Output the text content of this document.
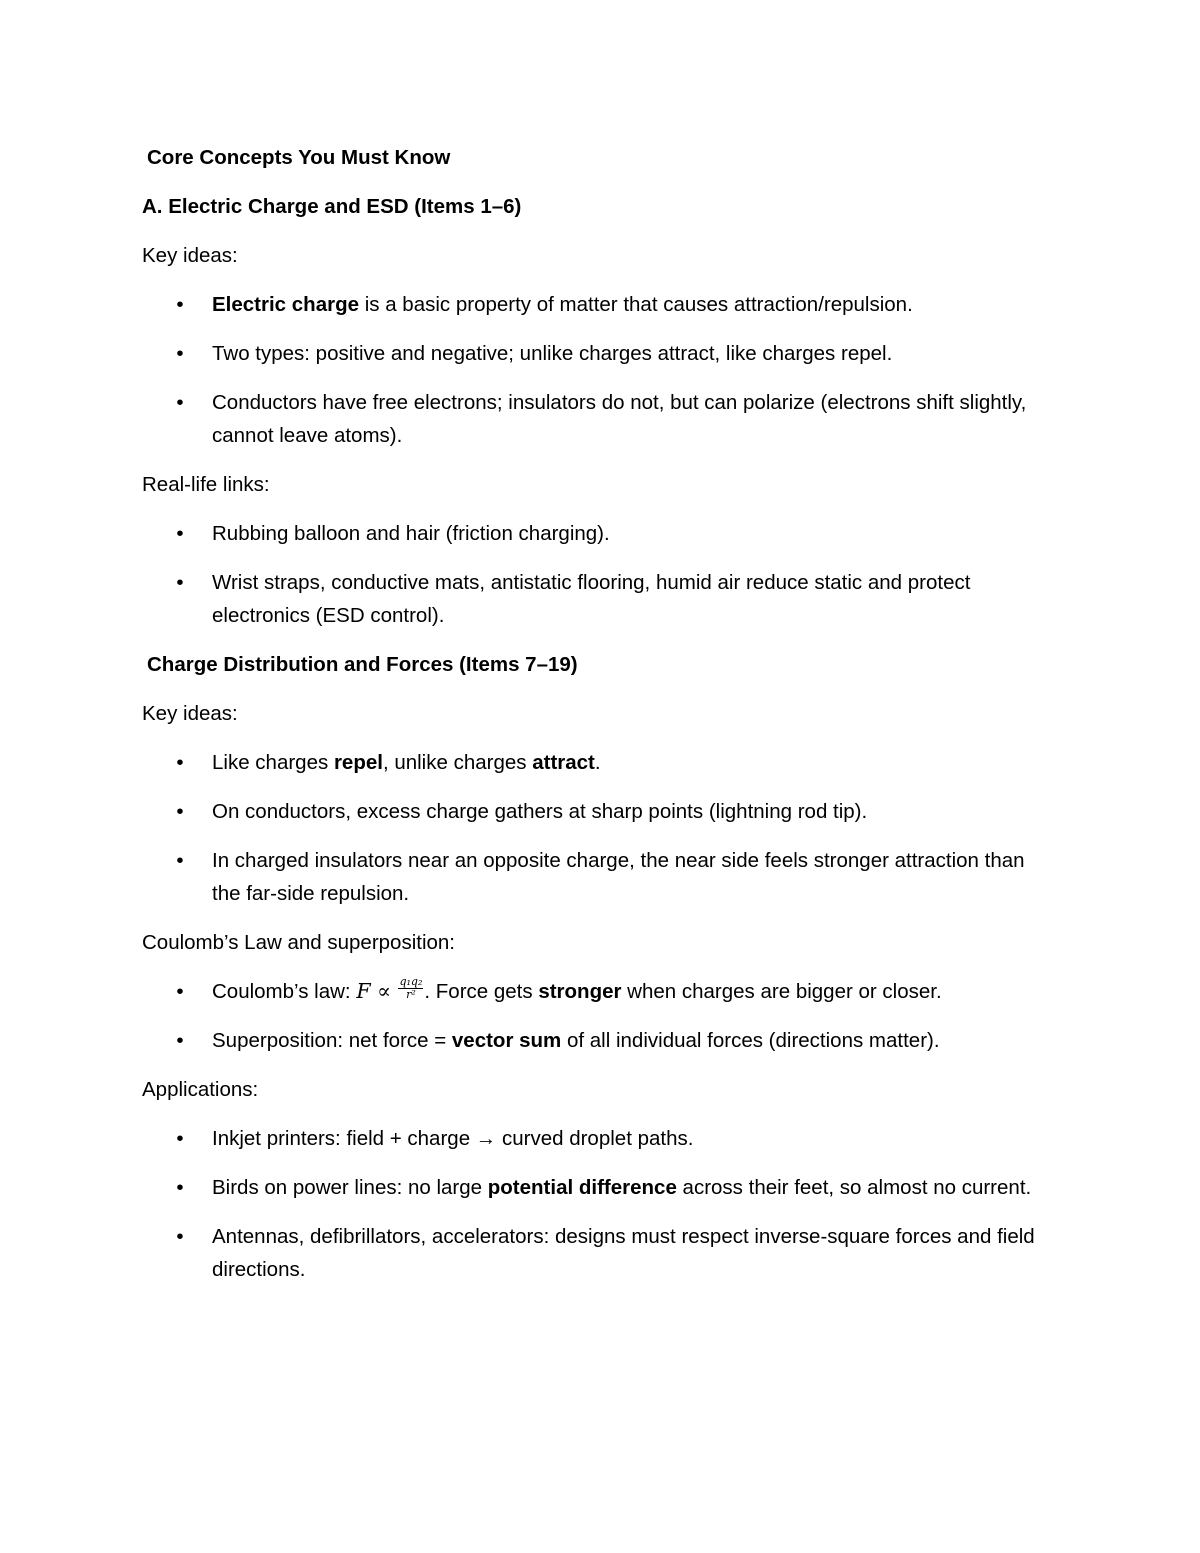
Core Concepts You Must Know
A. Electric Charge and ESD (Items 1–6)
Key ideas:
• Electric charge is a basic property of matter that causes attraction/repulsion.
• Two types: positive and negative; unlike charges attract, like charges repel.
• Conductors have free electrons; insulators do not, but can polarize (electrons shift slightly, cannot leave atoms).
Real-life links:
• Rubbing balloon and hair (friction charging).
• Wrist straps, conductive mats, antistatic flooring, humid air reduce static and protect electronics (ESD control).
Charge Distribution and Forces (Items 7–19)
Key ideas:
• Like charges repel, unlike charges attract.
• On conductors, excess charge gathers at sharp points (lightning rod tip).
• In charged insulators near an opposite charge, the near side feels stronger attraction than the far-side repulsion.
Coulomb’s Law and superposition:
• Coulomb’s law: $F \propto \frac{\text{q₁q₂}}{\text{r²}}$ . Force gets stronger when charges are bigger or closer.
• Superposition: net force = vector sum of all individual forces (directions matter).
Applications:
• Inkjet printers: field + charge → curved droplet paths.
• Birds on power lines: no large potential difference across their feet, so almost no current.
• Antennas, defibrillators, accelerators: designs must respect inverse-square forces and field directions.
